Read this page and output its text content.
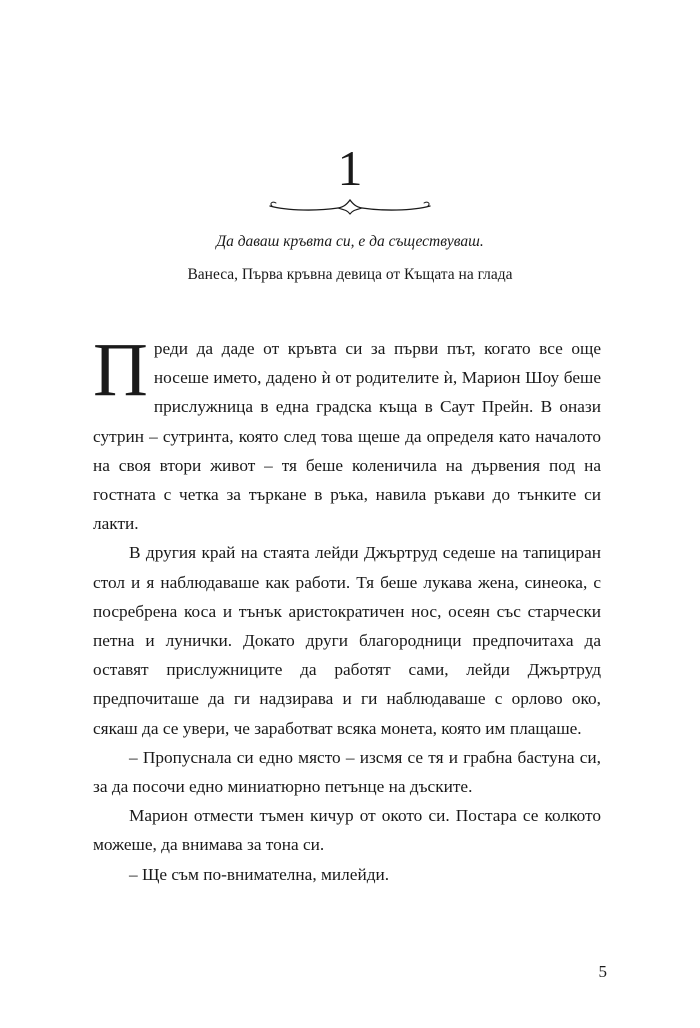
1
Да даваш кръвта си, е да съществуваш.
Ванеса, Първа кръвна девица от Къщата на глада

Преди да даде от кръвта си за първи път, когато все още носеше името, дадено ѝ от родителите ѝ, Марион Шоу беше прислужница в една градска къща в Саут Прейн. В онази сутрин – сутринта, която след това щеше да определя като началото на своя втори живот – тя беше коленичила на дървения под на гостната с четка за търкане в ръка, навила ръкави до тънките си лакти.

В другия край на стаята лейди Джъртруд седеше на тапициран стол и я наблюдаваше как работи. Тя беше лукава жена, синеока, с посребрена коса и тънък аристократичен нос, осеян със старчески петна и лунички. Докато други благородници предпочитаха да оставят прислужниците да работят сами, лейди Джъртруд предпочиташе да ги надзирава и ги наблюдаваше с орлово око, сякаш да се увери, че заработват всяка монета, която им плащаше.

– Пропуснала си едно място – изсмя се тя и грабна бастуна си, за да посочи едно миниатюрно петънце на дъските.

Марион отмести тъмен кичур от окото си. Постара се колкото можеше, да внимава за тона си.

– Ще съм по-внимателна, милейди.

5
